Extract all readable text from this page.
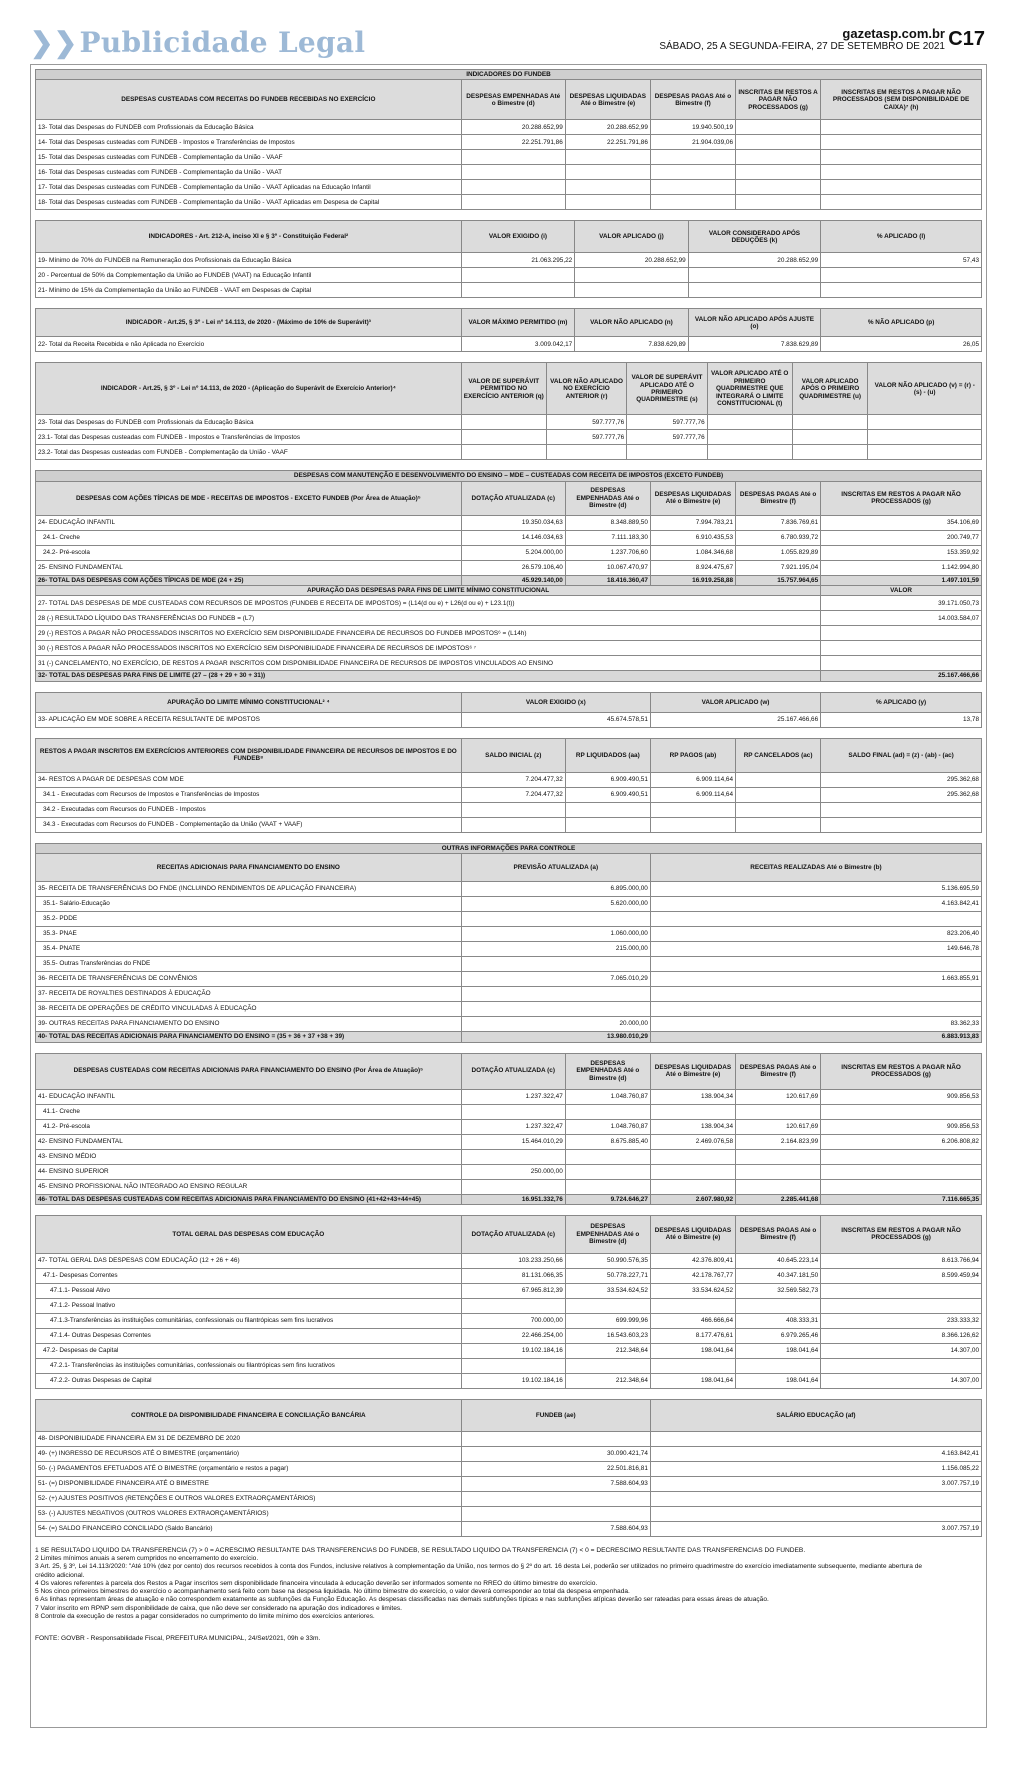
❯❯Publicidade Legal	gazetasp.com.br
SÁBADO, 25 A SEGUNDA-FEIRA, 27 DE SETEMBRO DE 2021 C17
INDICADORES DO FUNDEB					
DESPESAS CUSTEADAS COM RECEITAS DO FUNDEB RECEBIDAS NO EXERCÍCIO	DESPESAS EMPENHADAS Até o Bimestre (d)	DESPESAS LIQUIDADAS Até o Bimestre (e)	DESPESAS PAGAS Até o Bimestre (f)	INSCRITAS EM RESTOS A PAGAR NÃO PROCESSADOS (g)	INSCRITAS EM RESTOS A PAGAR NÃO PROCESSADOS (SEM DISPONIBILIDADE DE CAIXA)⁷ (h)
13- Total das Despesas do FUNDEB com Profissionais da Educação Básica	20.288.652,99	20.288.652,99	19.940.500,19		
14- Total das Despesas custeadas com FUNDEB - Impostos e Transferências de Impostos	22.251.791,86	22.251.791,86	21.904.039,06		
15- Total das Despesas custeadas com FUNDEB - Complementação da União - VAAF					
16- Total das Despesas custeadas com FUNDEB - Complementação da União - VAAT					
17- Total das Despesas custeadas com FUNDEB - Complementação da União - VAAT Aplicadas na Educação Infantil					
18- Total das Despesas custeadas com FUNDEB - Complementação da União - VAAT Aplicadas em Despesa de Capital					
INDICADORES - Art. 212-A, inciso XI e § 3º - Constituição Federal²	VALOR EXIGIDO (i)	VALOR APLICADO (j)	VALOR CONSIDERADO APÓS DEDUÇÕES (k)	% APLICADO (l)
19- Mínimo de 70% do FUNDEB na Remuneração dos Profissionais da Educação Básica	21.063.295,22	20.288.652,99	20.288.652,99	57,43
20 - Percentual de 50% da Complementação da União ao FUNDEB (VAAT) na Educação Infantil				
21- Mínimo de 15% da Complementação da União ao FUNDEB - VAAT em Despesas de Capital				
INDICADOR - Art.25, § 3º - Lei nº 14.113, de 2020 - (Máximo de 10% de Superávit)³	VALOR MÁXIMO PERMITIDO (m)	VALOR NÃO APLICADO (n)	VALOR NÃO APLICADO APÓS AJUSTE (o)	% NÃO APLICADO (p)
22- Total da Receita Recebida e não Aplicada no Exercício	3.009.042,17	7.838.629,89	7.838.629,89	26,05
INDICADOR - Art.25, § 3º - Lei nº 14.113, de 2020 - (Aplicação do Superávit de Exercício Anterior)⁴	VALOR DE SUPERÁVIT PERMITIDO NO EXERCÍCIO ANTERIOR (q)	VALOR NÃO APLICADO NO EXERCÍCIO ANTERIOR (r)	VALOR DE SUPERÁVIT APLICADO ATÉ O PRIMEIRO QUADRIMESTRE (s)	VALOR APLICADO ATÉ O PRIMEIRO QUADRIMESTRE QUE INTEGRARÁ O LIMITE CONSTITUCIONAL (t)	VALOR APLICADO APÓS O PRIMEIRO QUADRIMESTRE (u)	VALOR NÃO APLICADO (v) = (r) - (s) - (u)
23- Total das Despesas do FUNDEB com Profissionais da Educação Básica		597.777,76	597.777,76			
23.1- Total das Despesas custeadas com FUNDEB - Impostos e Transferências de Impostos		597.777,76	597.777,76			
23.2- Total das Despesas custeadas com FUNDEB - Complementação da União - VAAF						
DESPESAS COM MANUTENÇÃO E DESENVOLVIMENTO DO ENSINO – MDE – CUSTEADAS COM RECEITA DE IMPOSTOS (EXCETO FUNDEB)					
DESPESAS COM AÇÕES TÍPICAS DE MDE - RECEITAS DE IMPOSTOS - EXCETO FUNDEB (Por Área de Atuação)⁵	DOTAÇÃO ATUALIZADA (c)	DESPESAS EMPENHADAS Até o Bimestre (d)	DESPESAS LIQUIDADAS Até o Bimestre (e)	DESPESAS PAGAS Até o Bimestre (f)	INSCRITAS EM RESTOS A PAGAR NÃO PROCESSADOS (g)
24- EDUCAÇÃO INFANTIL	19.350.034,63	8.348.889,50	7.994.783,21	7.836.769,61	354.106,69
24.1- Creche	14.146.034,63	7.111.183,30	6.910.435,53	6.780.939,72	200.749,77
24.2- Pré-escola	5.204.000,00	1.237.706,60	1.084.346,68	1.055.829,89	153.359,92
25- ENSINO FUNDAMENTAL	26.579.106,40	10.067.470,97	8.924.475,67	7.921.195,04	1.142.994,80
26- TOTAL DAS DESPESAS COM AÇÕES TÍPICAS DE MDE (24 + 25)	45.929.140,00	18.416.360,47	16.919.258,88	15.757.964,65	1.497.101,59
APURAÇÃO DAS DESPESAS PARA FINS DE LIMITE MÍNIMO CONSTITUCIONAL					VALOR
27- TOTAL DAS DESPESAS DE MDE CUSTEADAS COM RECURSOS DE IMPOSTOS (FUNDEB E RECEITA DE IMPOSTOS) = (L14(d ou e) + L26(d ou e) + L23.1(t))					39.171.050,73
28 (-) RESULTADO LÍQUIDO DAS TRANSFERÊNCIAS DO FUNDEB = (L7)					14.003.584,07
29 (-) RESTOS A PAGAR NÃO PROCESSADOS INSCRITOS NO EXERCÍCIO SEM DISPONIBILIDADE FINANCEIRA DE RECURSOS DO FUNDEB IMPOSTOS⁶ = (L14h)					
30 (-) RESTOS A PAGAR NÃO PROCESSADOS INSCRITOS NO EXERCÍCIO SEM DISPONIBILIDADE FINANCEIRA DE RECURSOS DE IMPOSTOS⁶ ⁷					
31 (-) CANCELAMENTO, NO EXERCÍCIO, DE RESTOS A PAGAR INSCRITOS COM DISPONIBILIDADE FINANCEIRA DE RECURSOS DE IMPOSTOS VINCULADOS AO ENSINO					
32- TOTAL DAS DESPESAS PARA FINS DE LIMITE (27 – (28 + 29 + 30 + 31))					25.167.466,66
APURAÇÃO DO LIMITE MÍNIMO CONSTITUCIONAL² ⁴	VALOR EXIGIDO (x)	VALOR APLICADO (w)	% APLICADO (y)
33- APLICAÇÃO EM MDE SOBRE A RECEITA RESULTANTE DE IMPOSTOS	45.674.578,51	25.167.466,66	13,78
RESTOS A PAGAR INSCRITOS EM EXERCÍCIOS ANTERIORES COM DISPONIBILIDADE FINANCEIRA DE RECURSOS DE IMPOSTOS E DO FUNDEB⁸	SALDO INICIAL (z)	RP LIQUIDADOS (aa)	RP PAGOS (ab)	RP CANCELADOS (ac)	SALDO FINAL (ad) = (z) - (ab) - (ac)
34- RESTOS A PAGAR DE DESPESAS COM MDE	7.204.477,32	6.909.490,51	6.909.114,64		295.362,68
34.1 - Executadas com Recursos de Impostos e Transferências de Impostos	7.204.477,32	6.909.490,51	6.909.114,64		295.362,68
34.2 - Executadas com Recursos do FUNDEB - Impostos					
34.3 - Executadas com Recursos do FUNDEB - Complementação da União (VAAT + VAAF)					
OUTRAS INFORMAÇÕES PARA CONTROLE		
RECEITAS ADICIONAIS PARA FINANCIAMENTO DO ENSINO	PREVISÃO ATUALIZADA (a)	RECEITAS REALIZADAS Até o Bimestre (b)
35- RECEITA DE TRANSFERÊNCIAS DO FNDE (INCLUINDO RENDIMENTOS DE APLICAÇÃO FINANCEIRA)	6.895.000,00	5.136.695,59
35.1- Salário-Educação	5.620.000,00	4.163.842,41
35.2- PDDE		
35.3- PNAE	1.060.000,00	823.206,40
35.4- PNATE	215.000,00	149.646,78
35.5- Outras Transferências do FNDE		
36- RECEITA DE TRANSFERÊNCIAS DE CONVÊNIOS	7.065.010,29	1.663.855,91
37- RECEITA DE ROYALTIES DESTINADOS À EDUCAÇÃO		
38- RECEITA DE OPERAÇÕES DE CRÉDITO VINCULADAS À EDUCAÇÃO		
39- OUTRAS RECEITAS PARA FINANCIAMENTO DO ENSINO	20.000,00	83.362,33
40- TOTAL DAS RECEITAS ADICIONAIS PARA FINANCIAMENTO DO ENSINO = (35 + 36 + 37 +38 + 39)	13.980.010,29	6.883.913,83
DESPESAS CUSTEADAS COM RECEITAS ADICIONAIS PARA FINANCIAMENTO DO ENSINO (Por Área de Atuação)⁵	DOTAÇÃO ATUALIZADA (c)	DESPESAS EMPENHADAS Até o Bimestre (d)	DESPESAS LIQUIDADAS Até o Bimestre (e)	DESPESAS PAGAS Até o Bimestre (f)	INSCRITAS EM RESTOS A PAGAR NÃO PROCESSADOS (g)
41- EDUCAÇÃO INFANTIL	1.237.322,47	1.048.760,87	138.904,34	120.617,69	909.856,53
41.1- Creche					
41.2- Pré-escola	1.237.322,47	1.048.760,87	138.904,34	120.617,69	909.856,53
42- ENSINO FUNDAMENTAL	15.464.010,29	8.675.885,40	2.469.076,58	2.164.823,99	6.206.808,82
43- ENSINO MÉDIO					
44- ENSINO SUPERIOR	250.000,00				
45- ENSINO PROFISSIONAL NÃO INTEGRADO AO ENSINO REGULAR					
46- TOTAL DAS DESPESAS CUSTEADAS COM RECEITAS ADICIONAIS PARA FINANCIAMENTO DO ENSINO (41+42+43+44+45)	16.951.332,76	9.724.646,27	2.607.980,92	2.285.441,68	7.116.665,35
TOTAL GERAL DAS DESPESAS COM EDUCAÇÃO	DOTAÇÃO ATUALIZADA (c)	DESPESAS EMPENHADAS Até o Bimestre (d)	DESPESAS LIQUIDADAS Até o Bimestre (e)	DESPESAS PAGAS Até o Bimestre (f)	INSCRITAS EM RESTOS A PAGAR NÃO PROCESSADOS (g)
47- TOTAL GERAL DAS DESPESAS COM EDUCAÇÃO (12 + 26 + 46)	103.233.250,66	50.990.576,35	42.376.809,41	40.645.223,14	8.613.766,94
47.1- Despesas Correntes	81.131.066,35	50.778.227,71	42.178.767,77	40.347.181,50	8.599.459,94
47.1.1- Pessoal Ativo	67.965.812,39	33.534.624,52	33.534.624,52	32.569.582,73	
47.1.2- Pessoal Inativo					
47.1.3-Transferências às instituições comunitárias, confessionais ou filantrópicas sem fins lucrativos	700.000,00	699.999,96	466.666,64	408.333,31	233.333,32
47.1.4- Outras Despesas Correntes	22.466.254,00	16.543.603,23	8.177.476,61	6.979.265,46	8.366.126,62
47.2- Despesas de Capital	19.102.184,16	212.348,64	198.041,64	198.041,64	14.307,00
47.2.1- Transferências às instituições comunitárias, confessionais ou filantrópicas sem fins lucrativos					
47.2.2- Outras Despesas de Capital	19.102.184,16	212.348,64	198.041,64	198.041,64	14.307,00
CONTROLE DA DISPONIBILIDADE FINANCEIRA E CONCILIAÇÃO BANCÁRIA	FUNDEB (ae)	SALÁRIO EDUCAÇÃO (af)
48- DISPONIBILIDADE FINANCEIRA EM 31 DE DEZEMBRO DE 2020		
49- (+) INGRESSO DE RECURSOS ATÉ O BIMESTRE (orçamentário)	30.090.421,74	4.163.842,41
50- (-) PAGAMENTOS EFETUADOS ATÉ O BIMESTRE (orçamentário e restos a pagar)	22.501.816,81	1.156.085,22
51- (=) DISPONIBILIDADE FINANCEIRA ATÉ O BIMESTRE	7.588.604,93	3.007.757,19
52- (+) AJUSTES POSITIVOS (RETENÇÕES E OUTROS VALORES EXTRAORÇAMENTÁRIOS)		
53- (-) AJUSTES NEGATIVOS (OUTROS VALORES EXTRAORÇAMENTÁRIOS)		
54- (=) SALDO FINANCEIRO CONCILIADO (Saldo Bancário)	7.588.604,93	3.007.757,19
1 SE RESULTADO LÍQUIDO DA TRANSFERÊNCIA (7) > 0 = ACRÉSCIMO RESULTANTE DAS TRANSFERÊNCIAS DO FUNDEB, SE RESULTADO LÍQUIDO DA TRANSFERÊNCIA (7) < 0 = DECRÉSCIMO RESULTANTE DAS TRANSFERÊNCIAS DO FUNDEB.
2 Limites mínimos anuais a serem cumpridos no encerramento do exercício.
3 Art. 25, § 3º, Lei 14.113/2020: "Até 10% (dez por cento) dos recursos recebidos à conta dos Fundos, inclusive relativos à complementação da União, nos termos do § 2º do art. 16 desta Lei, poderão ser utilizados no primeiro quadrimestre do exercício imediatamente subsequente, mediante abertura de
crédito adicional.
4 Os valores referentes à parcela dos Restos a Pagar inscritos sem disponibilidade financeira vinculada à educação deverão ser informados somente no RREO do último bimestre do exercício.
5 Nos cinco primeiros bimestres do exercício o acompanhamento será feito com base na despesa liquidada. No último bimestre do exercício, o valor deverá corresponder ao total da despesa empenhada.
6 As linhas representam áreas de atuação e não correspondem exatamente as subfunções da Função Educação. As despesas classificadas nas demais subfunções típicas e nas subfunções atípicas deverão ser rateadas para essas áreas de atuação.
7 Valor inscrito em RPNP sem disponibilidade de caixa, que não deve ser considerado na apuração dos indicadores e limites.
8 Controle da execução de restos a pagar considerados no cumprimento do limite mínimo dos exercícios anteriores.
FONTE: GOVBR - Responsabilidade Fiscal, PREFEITURA MUNICIPAL, 24/Set/2021, 09h e 33m.
